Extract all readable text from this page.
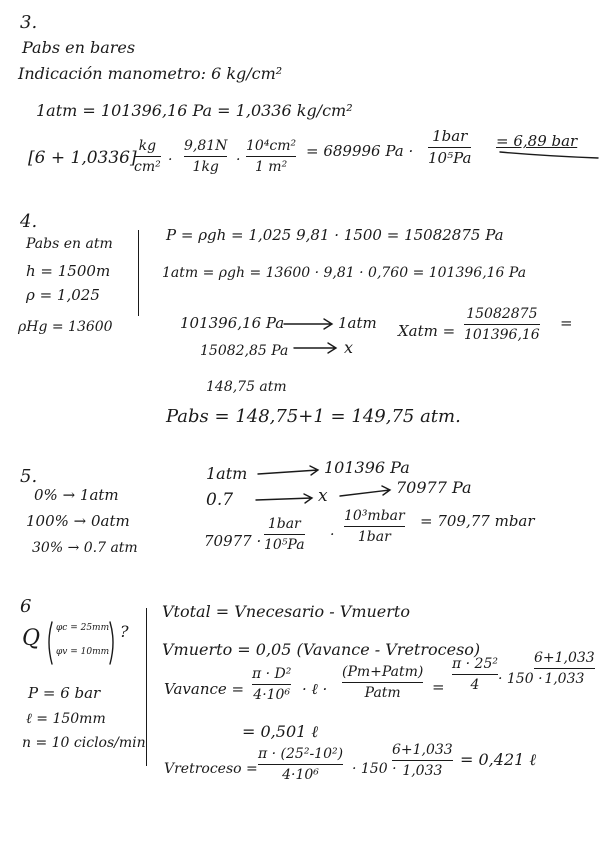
3.
Pabs en bares
Indicación manometro: 6 kg/cm²
1atm = 101396,16 Pa = 1,0336 kg/cm²
[6 + 1,0336]
kg
cm² ·
9,81N
1kg ·
10⁴cm²
1 m²
= 689996 Pa ·
1bar
10⁵Pa
= 6,89 bar
4.
Pabs en atm
h = 1500m
ρ = 1,025
ρHg = 13600
P = ρgh = 1,025 9,81 · 1500 = 15082875 Pa
1atm = ρgh = 13600 · 9,81 · 0,760 = 101396,16 Pa
101396,16 Pa	1atm
15082,85 Pa	x
148,75 atm
Xatm =
15082875
101396,16
=
Pabs = 148,75+1 = 149,75 atm.
5.
0% → 1atm
100% → 0atm
30% → 0.7 atm
1atm	101396 Pa
0.7	x	70977 Pa
70977 ·
1bar
10⁵Pa
·
10³mbar
1bar
= 709,77 mbar
6
Q φc = 25mm
φv = 10mm
?
P = 6 bar
ℓ = 150mm
n = 10 ciclos/min
Vtotal = Vnecesario - Vmuerto
Vmuerto = 0,05 (Vavance - Vretroceso)
Vavance =
π · D²
4·10⁶ · ℓ ·
(Pm+Patm)
Patm =
π · 25²
4 · 150 ·
6+1,033
1,033
= 0,501 ℓ
Vretroceso =
π · (25²-10²)
4·10⁶ · 150 ·
6+1,033
1,033
= 0,421 ℓ
